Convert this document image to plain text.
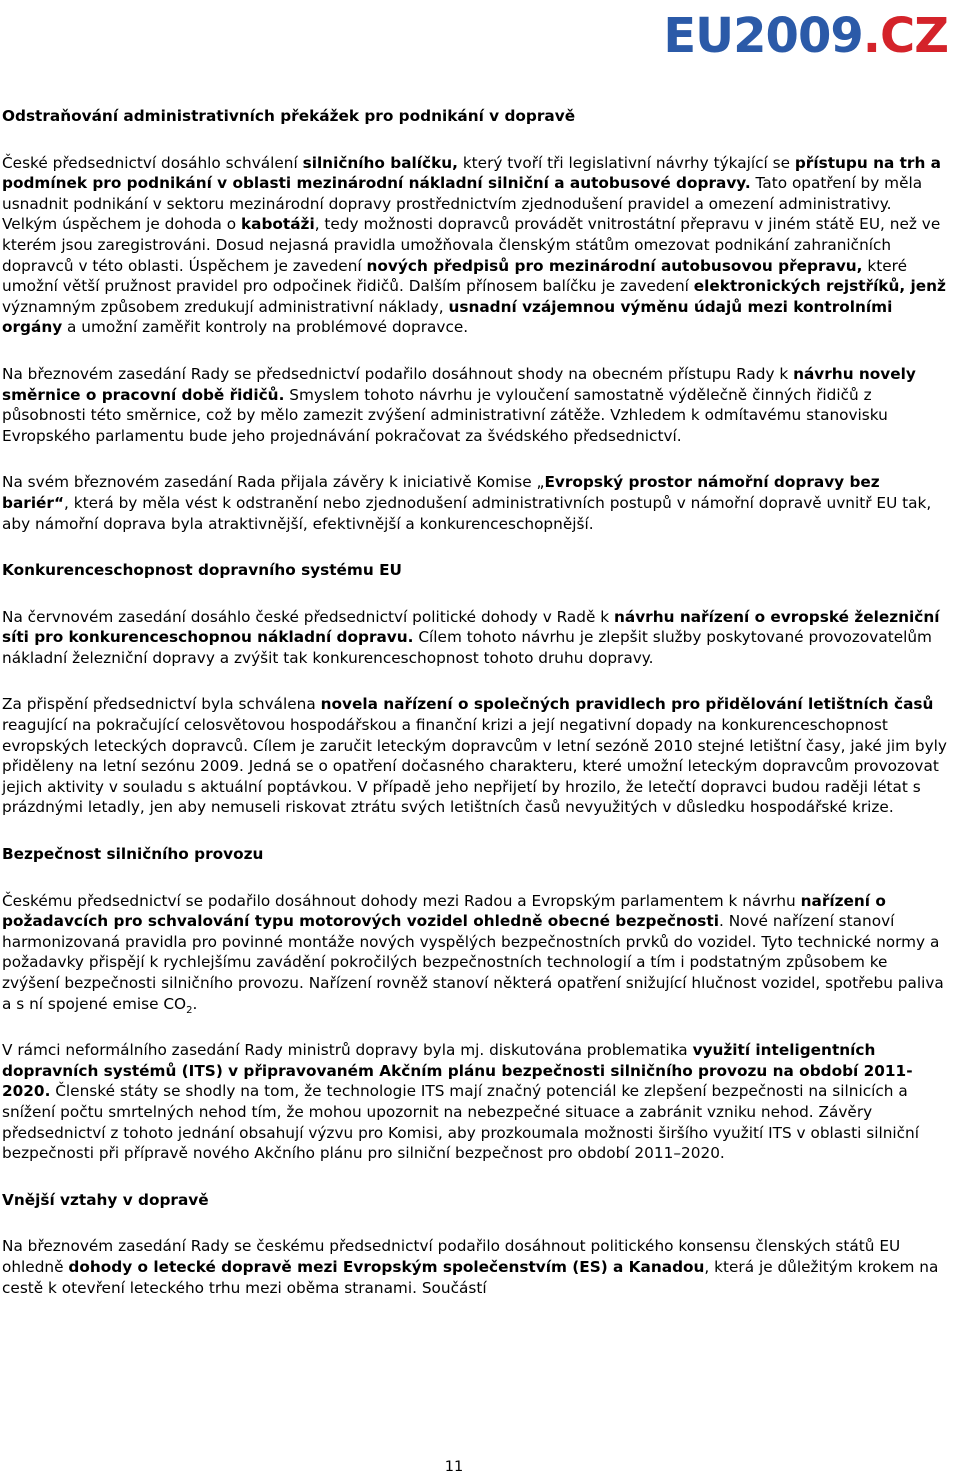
EU2009.CZ
Odstraňování administrativních překážek pro podnikání v dopravě

České předsednictví dosáhlo schválení silničního balíčku, který tvoří tři legislativní návrhy týkající se přístupu na trh a podmínek pro podnikání v oblasti mezinárodní nákladní silniční a autobusové dopravy. Tato opatření by měla usnadnit podnikání v sektoru mezinárodní dopravy prostřednictvím zjednodušení pravidel a omezení administrativy. Velkým úspěchem je dohoda o kabotáži, tedy možnosti dopravců provádět vnitrostátní přepravu v jiném státě EU, než ve kterém jsou zaregistrováni. Dosud nejasná pravidla umožňovala členským státům omezovat podnikání zahraničních dopravců v této oblasti. Úspěchem je zavedení nových předpisů pro mezinárodní autobusovou přepravu, které umožní větší pružnost pravidel pro odpočinek řidičů. Dalším přínosem balíčku je zavedení elektronických rejstříků, jenž významným způsobem zredukují administrativní náklady, usnadní vzájemnou výměnu údajů mezi kontrolními orgány a umožní zaměřit kontroly na problémové dopravce.

Na březnovém zasedání Rady se předsednictví podařilo dosáhnout shody na obecném přístupu Rady k návrhu novely směrnice o pracovní době řidičů. Smyslem tohoto návrhu je vyloučení samostatně výdělečně činných řidičů z působnosti této směrnice, což by mělo zamezit zvýšení administrativní zátěže. Vzhledem k odmítavému stanovisku Evropského parlamentu bude jeho projednávání pokračovat za švédského předsednictví.

Na svém březnovém zasedání Rada přijala závěry k iniciativě Komise „Evropský prostor námořní dopravy bez bariér“, která by měla vést k odstranění nebo zjednodušení administrativních postupů v námořní dopravě uvnitř EU tak, aby námořní doprava byla atraktivnější, efektivnější a konkurenceschopnější.

Konkurenceschopnost dopravního systému EU

Na červnovém zasedání dosáhlo české předsednictví politické dohody v Radě k návrhu nařízení o evropské železniční síti pro konkurenceschopnou nákladní dopravu. Cílem tohoto návrhu je zlepšit služby poskytované provozovatelům nákladní železniční dopravy a zvýšit tak konkurenceschopnost tohoto druhu dopravy.

Za přispění předsednictví byla schválena novela nařízení o společných pravidlech pro přidělování letištních časů reagující na pokračující celosvětovou hospodářskou a finanční krizi a její negativní dopady na konkurenceschopnost evropských leteckých dopravců. Cílem je zaručit leteckým dopravcům v letní sezóně 2010 stejné letištní časy, jaké jim byly přiděleny na letní sezónu 2009. Jedná se o opatření dočasného charakteru, které umožní leteckým dopravcům provozovat jejich aktivity v souladu s aktuální poptávkou. V případě jeho nepřijetí by hrozilo, že letečtí dopravci budou raději létat s prázdnými letadly, jen aby nemuseli riskovat ztrátu svých letištních časů nevyužitých v důsledku hospodářské krize.

Bezpečnost silničního provozu

Českému předsednictví se podařilo dosáhnout dohody mezi Radou a Evropským parlamentem k návrhu nařízení o požadavcích pro schvalování typu motorových vozidel ohledně obecné bezpečnosti. Nové nařízení stanoví harmonizovaná pravidla pro povinné montáže nových vyspělých bezpečnostních prvků do vozidel. Tyto technické normy a požadavky přispějí k rychlejšímu zavádění pokročilých bezpečnostních technologií a tím i podstatným způsobem ke zvýšení bezpečnosti silničního provozu. Nařízení rovněž stanoví některá opatření snižující hlučnost vozidel, spotřebu paliva a s ní spojené emise $CO_2$.

V rámci neformálního zasedání Rady ministrů dopravy byla mj. diskutována problematika využití inteligentních dopravních systémů (ITS) v připravovaném Akčním plánu bezpečnosti silničního provozu na období 2011-2020. Členské státy se shodly na tom, že technologie ITS mají značný potenciál ke zlepšení bezpečnosti na silnicích a snížení počtu smrtelných nehod tím, že mohou upozornit na nebezpečné situace a zabránit vzniku nehod. Závěry předsednictví z tohoto jednání obsahují výzvu pro Komisi, aby prozkoumala možnosti širšího využití ITS v oblasti silniční bezpečnosti při přípravě nového Akčního plánu pro silniční bezpečnost pro období 2011–2020.

Vnější vztahy v dopravě

Na březnovém zasedání Rady se českému předsednictví podařilo dosáhnout politického konsensu členských států EU ohledně dohody o letecké dopravě mezi Evropským společenstvím (ES) a Kanadou, která je důležitým krokem na cestě k otevření leteckého trhu mezi oběma stranami. Součástí

11
